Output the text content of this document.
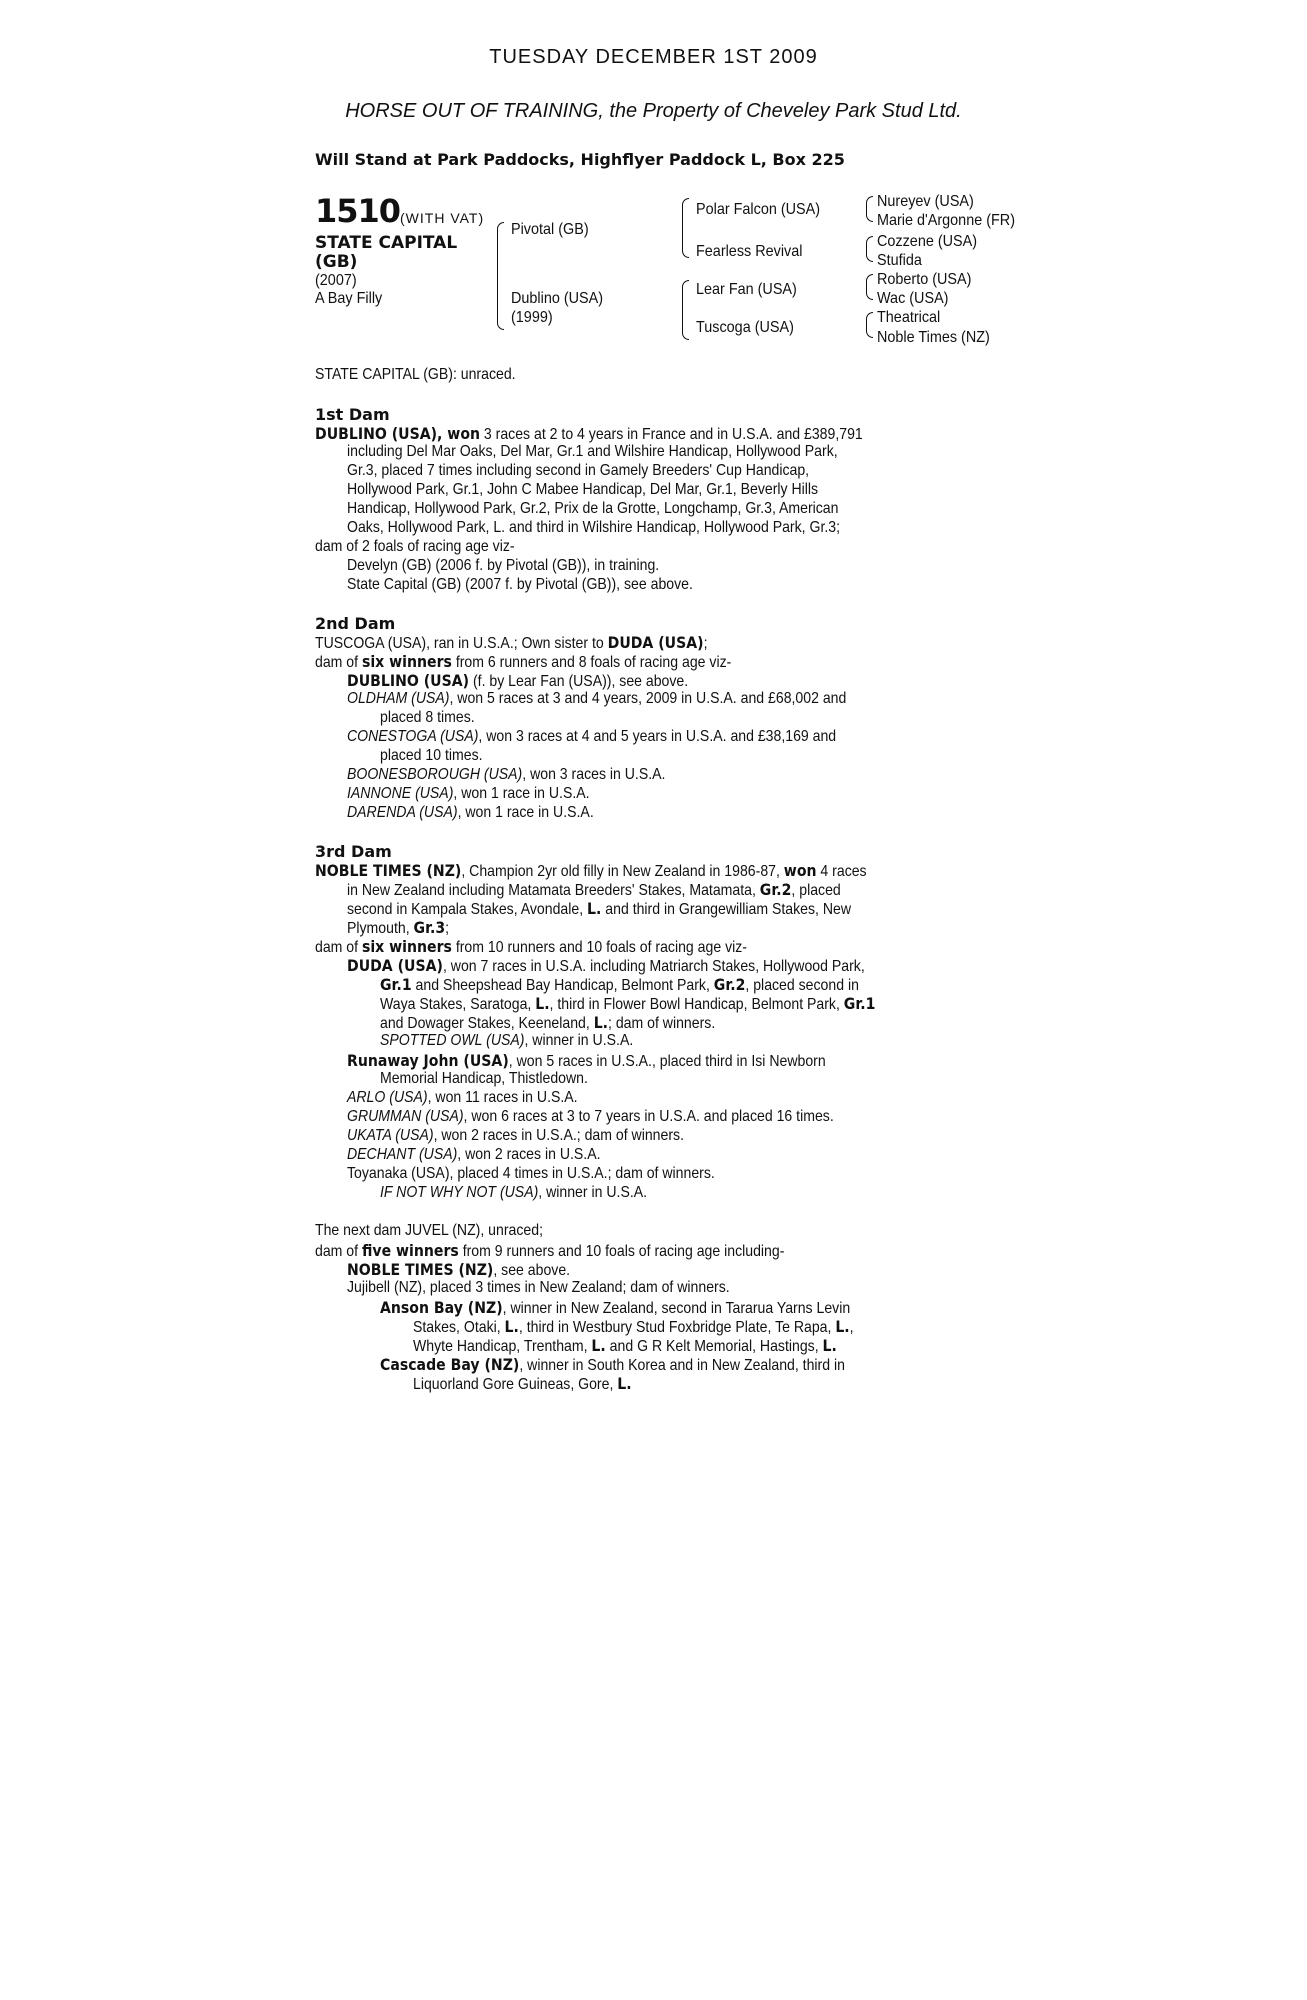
TUESDAY DECEMBER 1ST 2009
HORSE OUT OF TRAINING, the Property of Cheveley Park Stud Ltd.
Will Stand at Park Paddocks, Highflyer Paddock L, Box 225
1510 (WITH VAT)
STATE CAPITAL
(GB)
(2007)
A Bay Filly
Pivotal (GB)
Dublino (USA)
(1999)
Polar Falcon (USA)
Fearless Revival
Lear Fan (USA)
Tuscoga (USA)
Nureyev (USA)
Marie d'Argonne (FR)
Cozzene (USA)
Stufida
Roberto (USA)
Wac (USA)
Theatrical
Noble Times (NZ)
STATE CAPITAL (GB): unraced.
1st Dam
DUBLINO (USA), won 3 races at 2 to 4 years in France and in U.S.A. and £389,791
including Del Mar Oaks, Del Mar, Gr.1 and Wilshire Handicap, Hollywood Park,
Gr.3, placed 7 times including second in Gamely Breeders' Cup Handicap,
Hollywood Park, Gr.1, John C Mabee Handicap, Del Mar, Gr.1, Beverly Hills
Handicap, Hollywood Park, Gr.2, Prix de la Grotte, Longchamp, Gr.3, American
Oaks, Hollywood Park, L. and third in Wilshire Handicap, Hollywood Park, Gr.3;
dam of 2 foals of racing age viz-
Develyn (GB) (2006 f. by Pivotal (GB)), in training.
State Capital (GB) (2007 f. by Pivotal (GB)), see above.
2nd Dam
TUSCOGA (USA), ran in U.S.A.; Own sister to DUDA (USA);
dam of six winners from 6 runners and 8 foals of racing age viz-
DUBLINO (USA) (f. by Lear Fan (USA)), see above.
OLDHAM (USA), won 5 races at 3 and 4 years, 2009 in U.S.A. and £68,002 and
placed 8 times.
CONESTOGA (USA), won 3 races at 4 and 5 years in U.S.A. and £38,169 and
placed 10 times.
BOONESBOROUGH (USA), won 3 races in U.S.A.
IANNONE (USA), won 1 race in U.S.A.
DARENDA (USA), won 1 race in U.S.A.
3rd Dam
NOBLE TIMES (NZ), Champion 2yr old filly in New Zealand in 1986-87, won 4 races
in New Zealand including Matamata Breeders' Stakes, Matamata, Gr.2, placed
second in Kampala Stakes, Avondale, L. and third in Grangewilliam Stakes, New
Plymouth, Gr.3;
dam of six winners from 10 runners and 10 foals of racing age viz-
DUDA (USA), won 7 races in U.S.A. including Matriarch Stakes, Hollywood Park,
Gr.1 and Sheepshead Bay Handicap, Belmont Park, Gr.2, placed second in
Waya Stakes, Saratoga, L., third in Flower Bowl Handicap, Belmont Park, Gr.1
and Dowager Stakes, Keeneland, L.; dam of winners.
SPOTTED OWL (USA), winner in U.S.A.
Runaway John (USA), won 5 races in U.S.A., placed third in Isi Newborn
Memorial Handicap, Thistledown.
ARLO (USA), won 11 races in U.S.A.
GRUMMAN (USA), won 6 races at 3 to 7 years in U.S.A. and placed 16 times.
UKATA (USA), won 2 races in U.S.A.; dam of winners.
DECHANT (USA), won 2 races in U.S.A.
Toyanaka (USA), placed 4 times in U.S.A.; dam of winners.
IF NOT WHY NOT (USA), winner in U.S.A.
The next dam JUVEL (NZ), unraced;
dam of five winners from 9 runners and 10 foals of racing age including-
NOBLE TIMES (NZ), see above.
Jujibell (NZ), placed 3 times in New Zealand; dam of winners.
Anson Bay (NZ), winner in New Zealand, second in Tararua Yarns Levin
Stakes, Otaki, L., third in Westbury Stud Foxbridge Plate, Te Rapa, L.,
Whyte Handicap, Trentham, L. and G R Kelt Memorial, Hastings, L.
Cascade Bay (NZ), winner in South Korea and in New Zealand, third in
Liquorland Gore Guineas, Gore, L.
